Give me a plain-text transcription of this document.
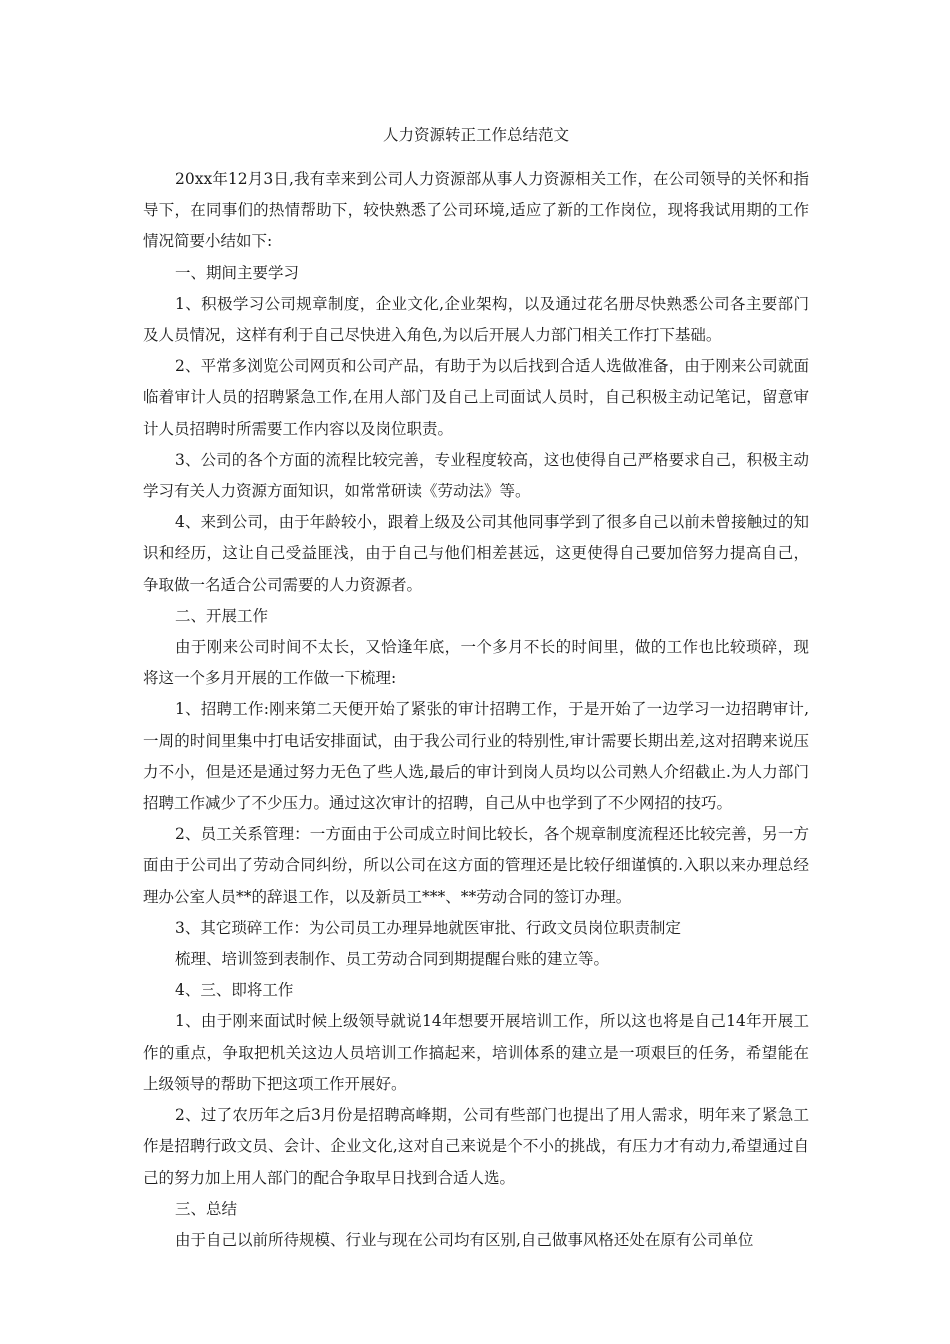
人力资源转正工作总结范文

20xx年12月3日,我有幸来到公司人力资源部从事人力资源相关工作，在公司领导的关怀和指导下，在同事们的热情帮助下，较快熟悉了公司环境,适应了新的工作岗位，现将我试用期的工作情况简要小结如下:

一、期间主要学习

1、积极学习公司规章制度，企业文化,企业架构，以及通过花名册尽快熟悉公司各主要部门及人员情况，这样有利于自己尽快进入角色,为以后开展人力部门相关工作打下基础。

2、平常多浏览公司网页和公司产品，有助于为以后找到合适人选做准备，由于刚来公司就面临着审计人员的招聘紧急工作,在用人部门及自己上司面试人员时，自己积极主动记笔记，留意审计人员招聘时所需要工作内容以及岗位职责。

3、公司的各个方面的流程比较完善，专业程度较高，这也使得自己严格要求自己，积极主动学习有关人力资源方面知识，如常常研读《劳动法》等。

4、来到公司，由于年龄较小，跟着上级及公司其他同事学到了很多自己以前未曾接触过的知识和经历，这让自己受益匪浅，由于自己与他们相差甚远，这更使得自己要加倍努力提高自己，争取做一名适合公司需要的人力资源者。

二、开展工作

由于刚来公司时间不太长，又恰逢年底，一个多月不长的时间里，做的工作也比较琐碎，现将这一个多月开展的工作做一下梳理:

1、招聘工作:刚来第二天便开始了紧张的审计招聘工作，于是开始了一边学习一边招聘审计,一周的时间里集中打电话安排面试，由于我公司行业的特别性,审计需要长期出差,这对招聘来说压力不小，但是还是通过努力无色了些人选,最后的审计到岗人员均以公司熟人介绍截止.为人力部门招聘工作减少了不少压力。通过这次审计的招聘，自己从中也学到了不少网招的技巧。

2、员工关系管理：一方面由于公司成立时间比较长，各个规章制度流程还比较完善，另一方面由于公司出了劳动合同纠纷，所以公司在这方面的管理还是比较仔细谨慎的.入职以来办理总经理办公室人员**的辞退工作，以及新员工***、**劳动合同的签订办理。

3、其它琐碎工作：为公司员工办理异地就医审批、行政文员岗位职责制定

梳理、培训签到表制作、员工劳动合同到期提醒台账的建立等。

4、三、即将工作

1、由于刚来面试时候上级领导就说14年想要开展培训工作，所以这也将是自己14年开展工作的重点，争取把机关这边人员培训工作搞起来，培训体系的建立是一项艰巨的任务，希望能在上级领导的帮助下把这项工作开展好。

2、过了农历年之后3月份是招聘高峰期，公司有些部门也提出了用人需求，明年来了紧急工作是招聘行政文员、会计、企业文化,这对自己来说是个不小的挑战，有压力才有动力,希望通过自己的努力加上用人部门的配合争取早日找到合适人选。

三、总结

由于自己以前所待规模、行业与现在公司均有区别,自己做事风格还处在原有公司单位
